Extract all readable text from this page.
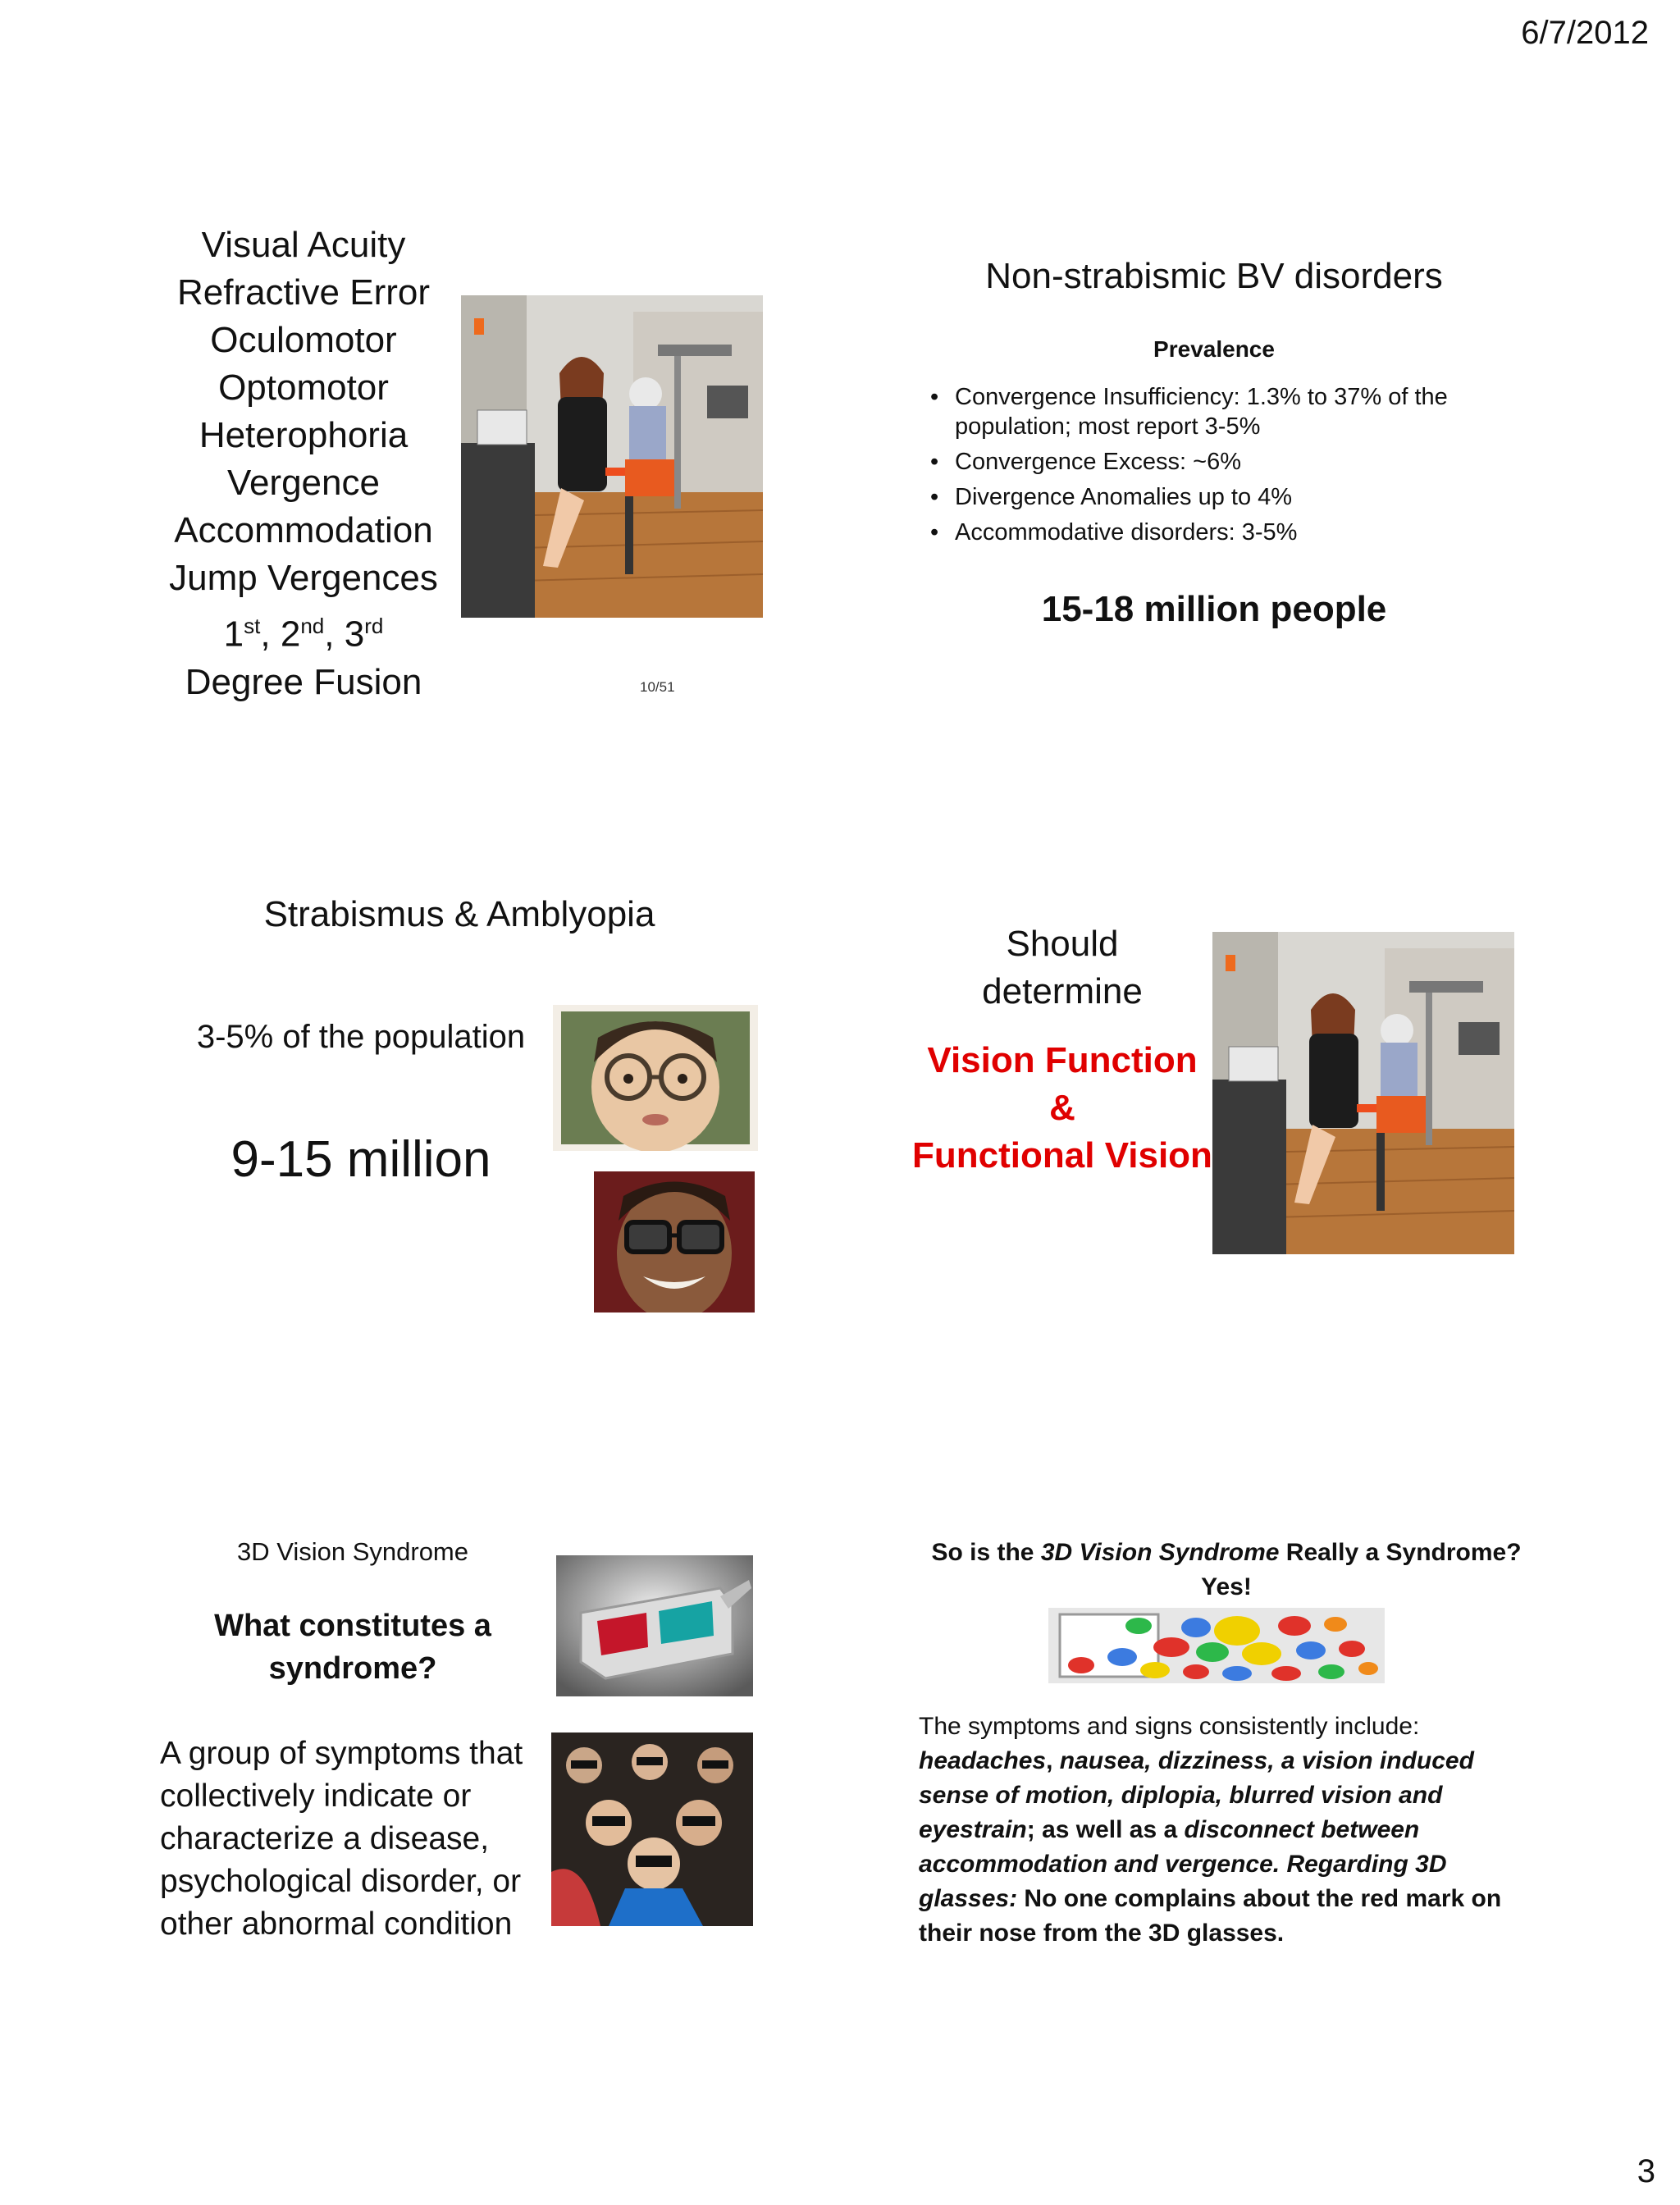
6/7/2012
3
Visual Acuity
Refractive Error
Oculomotor
Optomotor
Heterophoria
Vergence
Accommodation
Jump Vergences
1st, 2nd, 3rd
Degree Fusion	10/51
Non-strabismic BV disorders
Prevalence
• Convergence Insufficiency: 1.3% to 37% of the population; most report 3-5%
• Convergence Excess: ~6%
• Divergence Anomalies up to 4%
• Accommodative disorders: 3-5%
15-18 million people
Strabismus & Amblyopia
3-5% of the population
9-15 million
Should
determine
Vision Function
&
Functional Vision
3D Vision Syndrome
What constitutes a
syndrome?
A group of symptoms that collectively indicate or characterize a disease, psychological disorder, or other abnormal condition
So is the 3D Vision Syndrome Really a Syndrome?
Yes!
The symptoms and signs consistently include: headaches, nausea, dizziness, a vision induced sense of motion, diplopia, blurred vision and eyestrain; as well as a disconnect between accommodation and vergence. Regarding 3D glasses: No one complains about the red mark on their nose from the 3D glasses.
